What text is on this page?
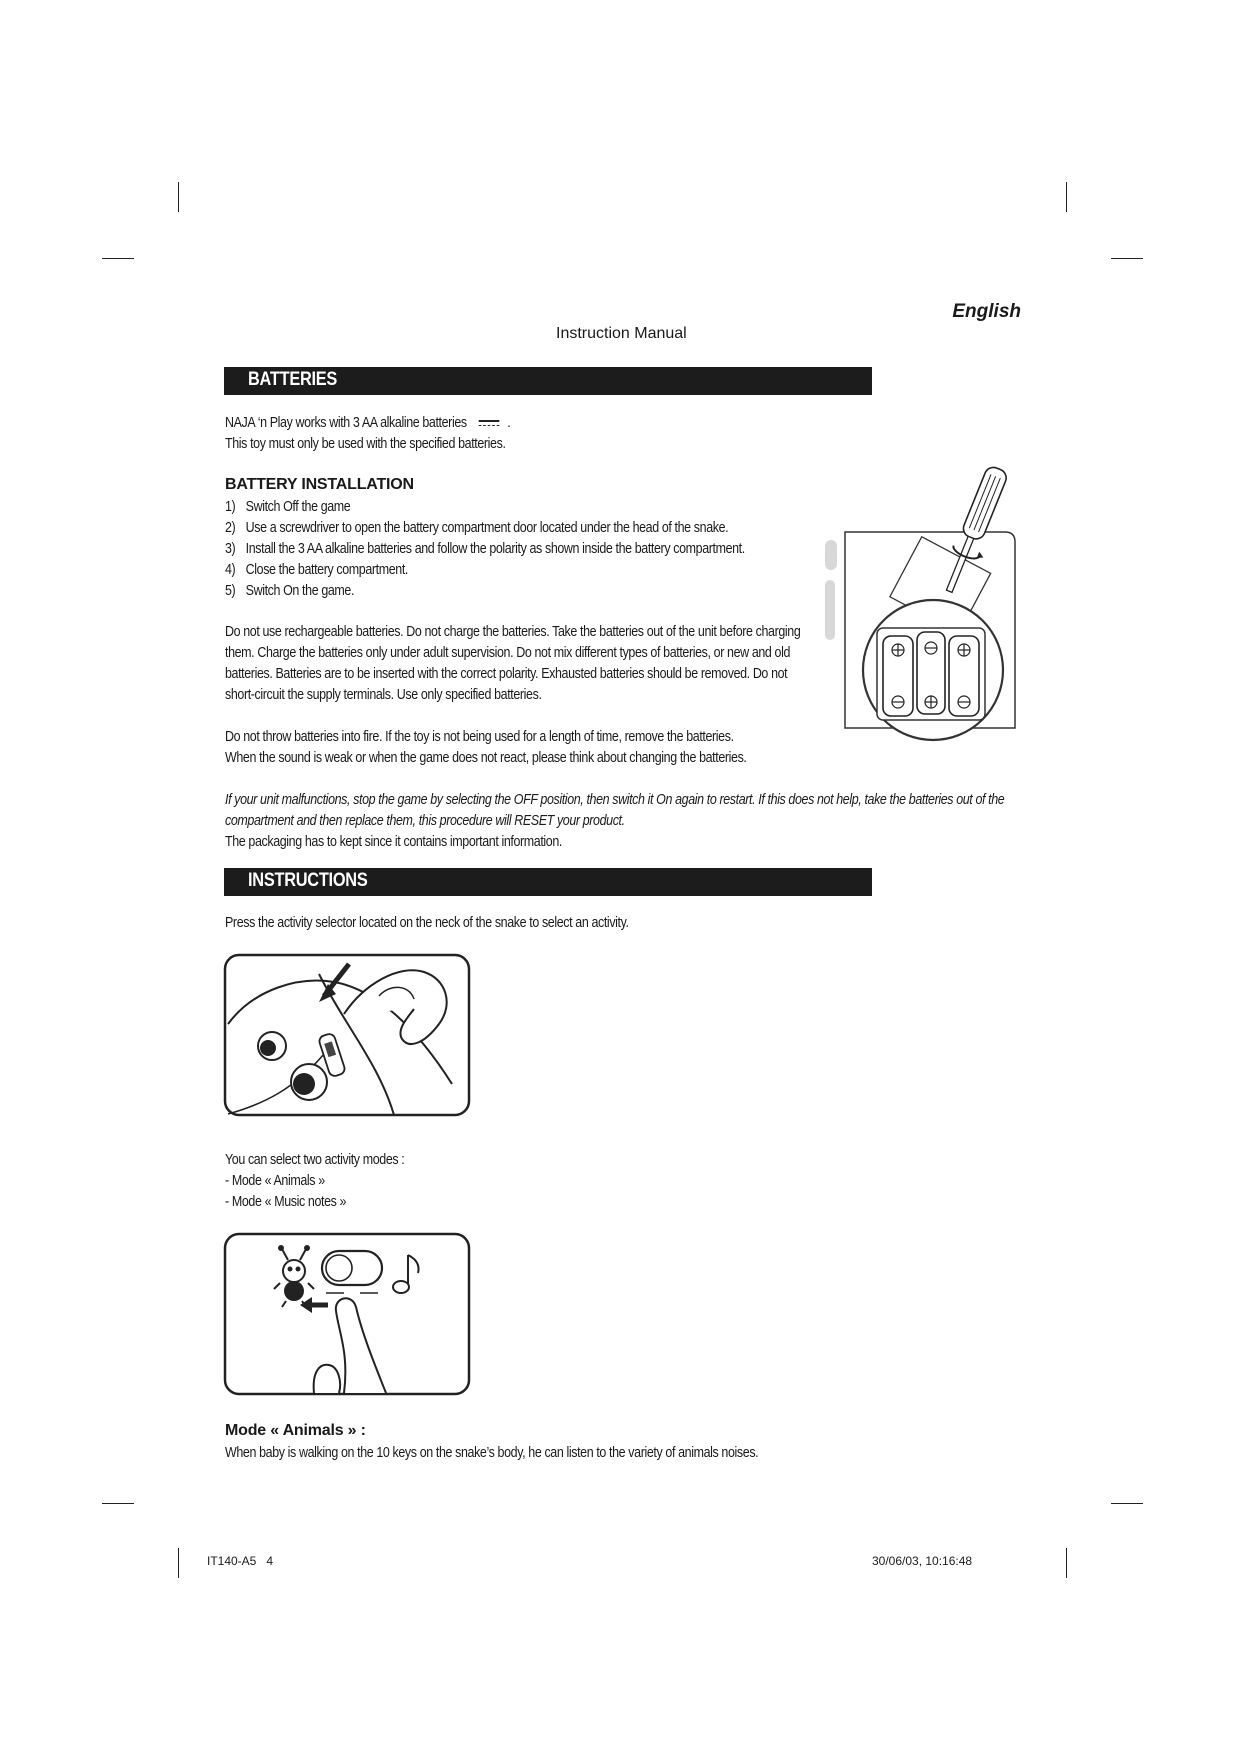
English
Instruction Manual
BATTERIES
NAJA ‘n Play works with 3 AA alkaline batteries	.
This toy must only be used with the specified batteries.
BATTERY INSTALLATION
1) Switch Off the game
2) Use a screwdriver to open the battery compartment door located under the head of the snake.
3) Install the 3 AA alkaline batteries and follow the polarity as shown inside the battery compartment.
4) Close the battery compartment.
5) Switch On the game.
Do not use rechargeable batteries. Do not charge the batteries. Take the batteries out of the unit before charging
them. Charge the batteries only under adult supervision. Do not mix different types of batteries, or new and old
batteries. Batteries are to be inserted with the correct polarity. Exhausted batteries should be removed. Do not
short-circuit the supply terminals. Use only specified batteries.
Do not throw batteries into fire. If the toy is not being used for a length of time, remove the batteries.
When the sound is weak or when the game does not react, please think about changing the batteries.
If your unit malfunctions, stop the game by selecting the OFF position, then switch it On again to restart. If this does not help, take the batteries out of the
compartment and then replace them, this procedure will RESET your product.
The packaging has to kept since it contains important information.
INSTRUCTIONS
Press the activity selector located on the neck of the snake to select an activity.
You can select two activity modes :
- Mode « Animals »
- Mode « Music notes »
Mode « Animals » :
When baby is walking on the 10 keys on the snake’s body, he can listen to the variety of animals noises.
IT140-A5   4	30/06/03, 10:16:48
